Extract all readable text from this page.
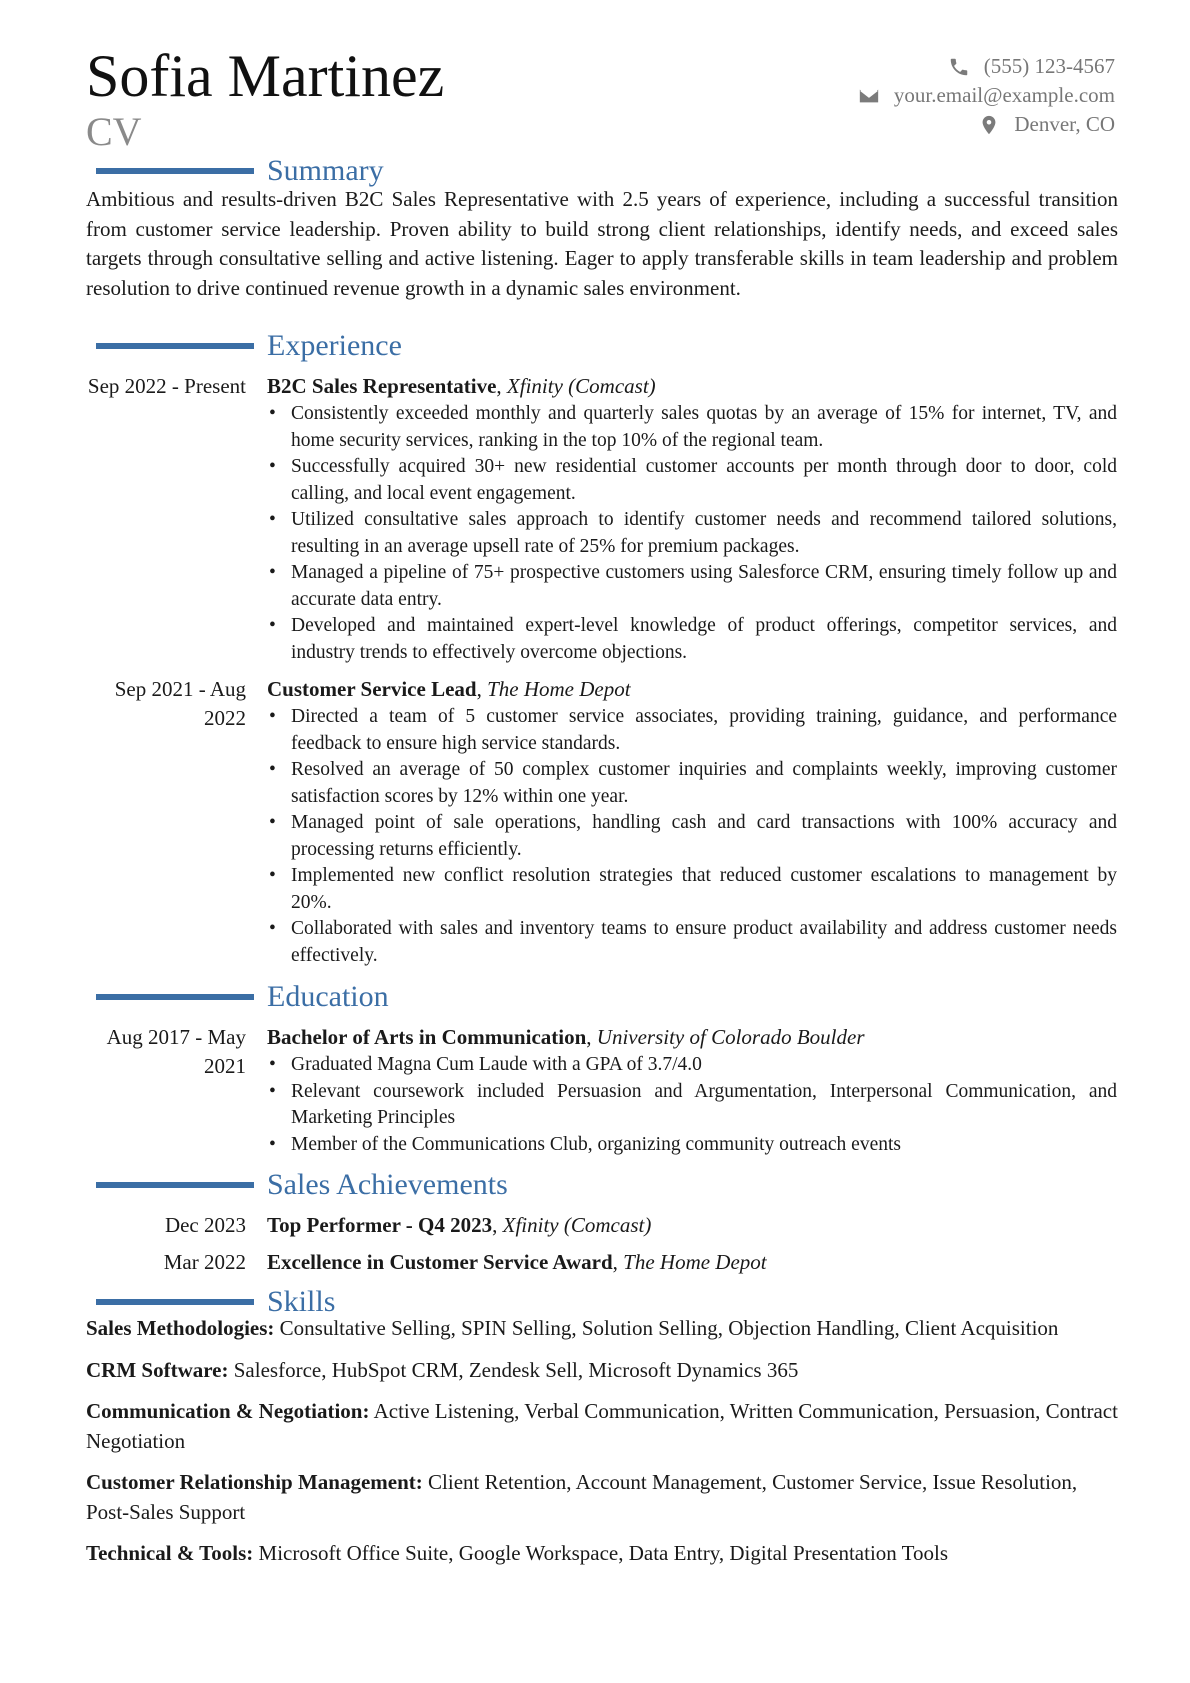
Sofia Martinez
CV
(555) 123-4567
your.email@example.com
Denver, CO
Summary
Ambitious and results-driven B2C Sales Representative with 2.5 years of experience, including a successful transition from customer service leadership. Proven ability to build strong client relationships, identify needs, and exceed sales targets through consultative selling and active listening. Eager to apply transferable skills in team leadership and problem resolution to drive continued revenue growth in a dynamic sales environment.
Experience
Sep 2022 - Present B2C Sales Representative, Xfinity (Comcast)
• Consistently exceeded monthly and quarterly sales quotas by an average of 15% for internet, TV, and home security services, ranking in the top 10% of the regional team.
• Successfully acquired 30+ new residential customer accounts per month through door to door, cold calling, and local event engagement.
• Utilized consultative sales approach to identify customer needs and recommend tailored solutions, resulting in an average upsell rate of 25% for premium packages.
• Managed a pipeline of 75+ prospective customers using Salesforce CRM, ensuring timely follow up and accurate data entry.
• Developed and maintained expert-level knowledge of product offerings, competitor services, and industry trends to effectively overcome objections.
Sep 2021 - Aug 2022
Customer Service Lead, The Home Depot
• Directed a team of 5 customer service associates, providing training, guidance, and performance feedback to ensure high service standards.
• Resolved an average of 50 complex customer inquiries and complaints weekly, improving customer satisfaction scores by 12% within one year.
• Managed point of sale operations, handling cash and card transactions with 100% accuracy and processing returns efficiently.
• Implemented new conflict resolution strategies that reduced customer escalations to management by 20%.
• Collaborated with sales and inventory teams to ensure product availability and address customer needs effectively.
Education
Aug 2017 - May 2021
Bachelor of Arts in Communication, University of Colorado Boulder
• Graduated Magna Cum Laude with a GPA of 3.7/4.0
• Relevant coursework included Persuasion and Argumentation, Interpersonal Communication, and Marketing Principles
• Member of the Communications Club, organizing community outreach events
Sales Achievements
Dec 2023 Top Performer - Q4 2023, Xfinity (Comcast)
Mar 2022 Excellence in Customer Service Award, The Home Depot
Skills
Sales Methodologies: Consultative Selling, SPIN Selling, Solution Selling, Objection Handling, Client Acquisition
CRM Software: Salesforce, HubSpot CRM, Zendesk Sell, Microsoft Dynamics 365
Communication & Negotiation: Active Listening, Verbal Communication, Written Communication, Persuasion, Contract Negotiation
Customer Relationship Management: Client Retention, Account Management, Customer Service, Issue Resolution, Post-Sales Support
Technical & Tools: Microsoft Office Suite, Google Workspace, Data Entry, Digital Presentation Tools
